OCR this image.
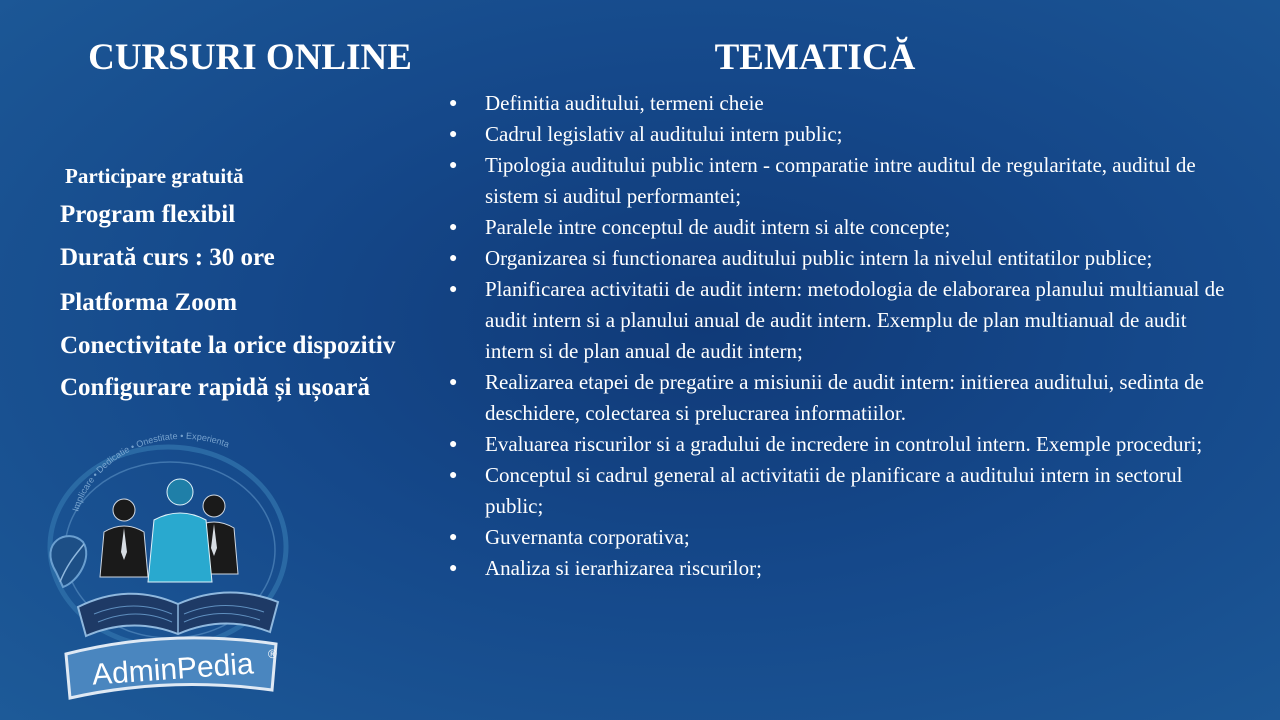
CURSURI ONLINE	TEMATICĂ
Participare gratuită
Program flexibil
Durată curs : 30 ore
Platforma Zoom
Conectivitate la orice dispozitiv
Configurare rapidă și ușoară
● Definitia auditului, termeni cheie
● Cadrul legislativ al auditului intern public;
● Tipologia auditului public intern - comparatie intre auditul de regularitate, auditul de sistem si auditul performantei;
● Paralele intre conceptul de audit intern si alte concepte;
● Organizarea si functionarea auditului public intern la nivelul entitatilor publice;
● Planificarea activitatii de audit intern: metodologia de elaborarea planului multianual de audit intern si a planului anual de audit intern. Exemplu de plan multianual de audit intern si de plan anual de audit intern;
● Realizarea etapei de pregatire a misiunii de audit intern: initierea auditului, sedinta de deschidere, colectarea si prelucrarea informatiilor.
● Evaluarea riscurilor si a gradului de incredere in controlul intern. Exemple proceduri;
● Conceptul si cadrul general al activitatii de planificare a auditului intern in sectorul public;
● Guvernanta corporativa;
● Analiza si ierarhizarea riscurilor;
Implicare • Dedicatie • Onestitate • Experienta
AdminPedia ®
